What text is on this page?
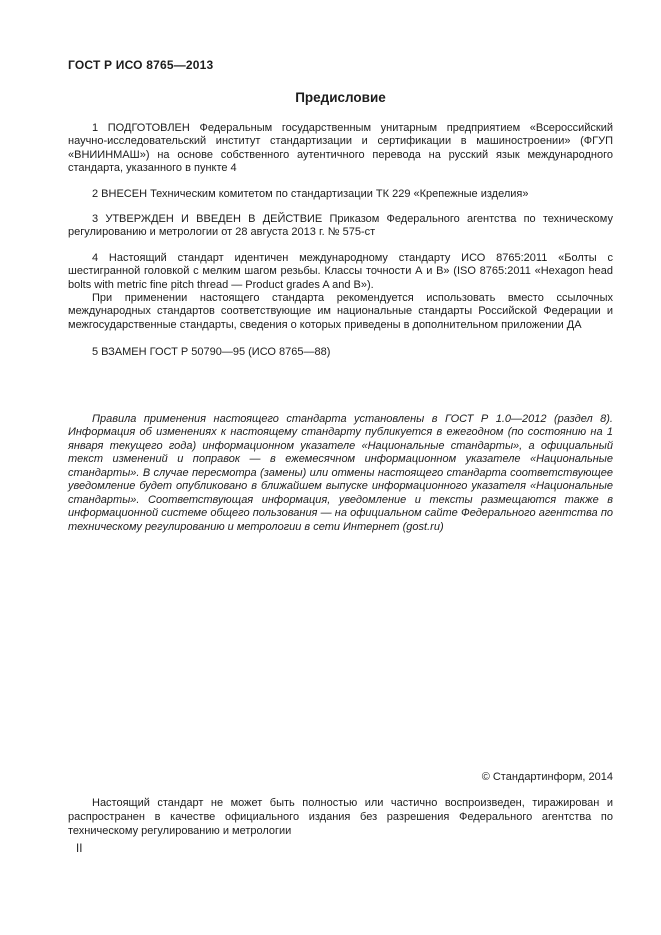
ГОСТ Р ИСО 8765—2013
Предисловие

1 ПОДГОТОВЛЕН Федеральным государственным унитарным предприятием «Всероссийский научно-исследовательский институт стандартизации и сертификации в машиностроении» (ФГУП «ВНИИНМАШ») на основе собственного аутентичного перевода на русский язык международного стандарта, указанного в пункте 4

2 ВНЕСЕН Техническим комитетом по стандартизации ТК 229 «Крепежные изделия»

3 УТВЕРЖДЕН И ВВЕДЕН В ДЕЙСТВИЕ Приказом Федерального агентства по техническому регулированию и метрологии от 28 августа 2013 г. № 575-ст

4 Настоящий стандарт идентичен международному стандарту ИСО 8765:2011 «Болты с шестигранной головкой с мелким шагом резьбы. Классы точности А и В» (ISO 8765:2011 «Hexagon head bolts with metric fine pitch thread — Product grades A and B»).

При применении настоящего стандарта рекомендуется использовать вместо ссылочных международных стандартов соответствующие им национальные стандарты Российской Федерации и межгосударственные стандарты, сведения о которых приведены в дополнительном приложении ДА

5 ВЗАМЕН ГОСТ Р 50790—95 (ИСО 8765—88)

Правила применения настоящего стандарта установлены в ГОСТ Р 1.0—2012 (раздел 8). Информация об изменениях к настоящему стандарту публикуется в ежегодном (по состоянию на 1 января текущего года) информационном указателе «Национальные стандарты», а официальный текст изменений и поправок — в ежемесячном информационном указателе «Национальные стандарты». В случае пересмотра (замены) или отмены настоящего стандарта соответствующее уведомление будет опубликовано в ближайшем выпуске информационного указателя «Национальные стандарты». Соответствующая информация, уведомление и тексты размещаются также в информационной системе общего пользования — на официальном сайте Федерального агентства по техническому регулированию и метрологии в сети Интернет (gost.ru)

© Стандартинформ, 2014

Настоящий стандарт не может быть полностью или частично воспроизведен, тиражирован и распространен в качестве официального издания без разрешения Федерального агентства по техническому регулированию и метрологии

II
